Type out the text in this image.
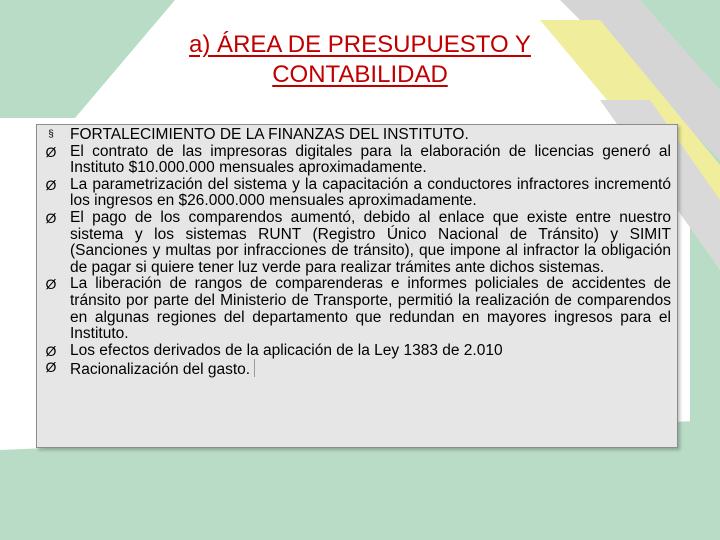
a) ÁREA DE PRESUPUESTO Y
CONTABILIDAD
§	FORTALECIMIENTO DE LA FINANZAS DEL INSTITUTO.
Ø El contrato de las impresoras digitales para la elaboración de licencias generó al Instituto $10.000.000 mensuales aproximadamente.
Ø La parametrización del sistema y la capacitación a conductores infractores incrementó los ingresos en $26.000.000 mensuales aproximadamente.
Ø El pago de los comparendos aumentó, debido al enlace que existe entre nuestro sistema y los sistemas RUNT (Registro Único Nacional de Tránsito) y SIMIT (Sanciones y multas por infracciones de tránsito), que impone al infractor la obligación de pagar si quiere tener luz verde para realizar trámites ante dichos sistemas.
Ø La liberación de rangos de comparenderas e informes policiales de accidentes de tránsito por parte del Ministerio de Transporte, permitió la realización de comparendos en algunas regiones del departamento que redundan en mayores ingresos para el Instituto.
Ø Los efectos derivados de la aplicación de la Ley 1383 de 2.010
Ø Racionalización del gasto.
